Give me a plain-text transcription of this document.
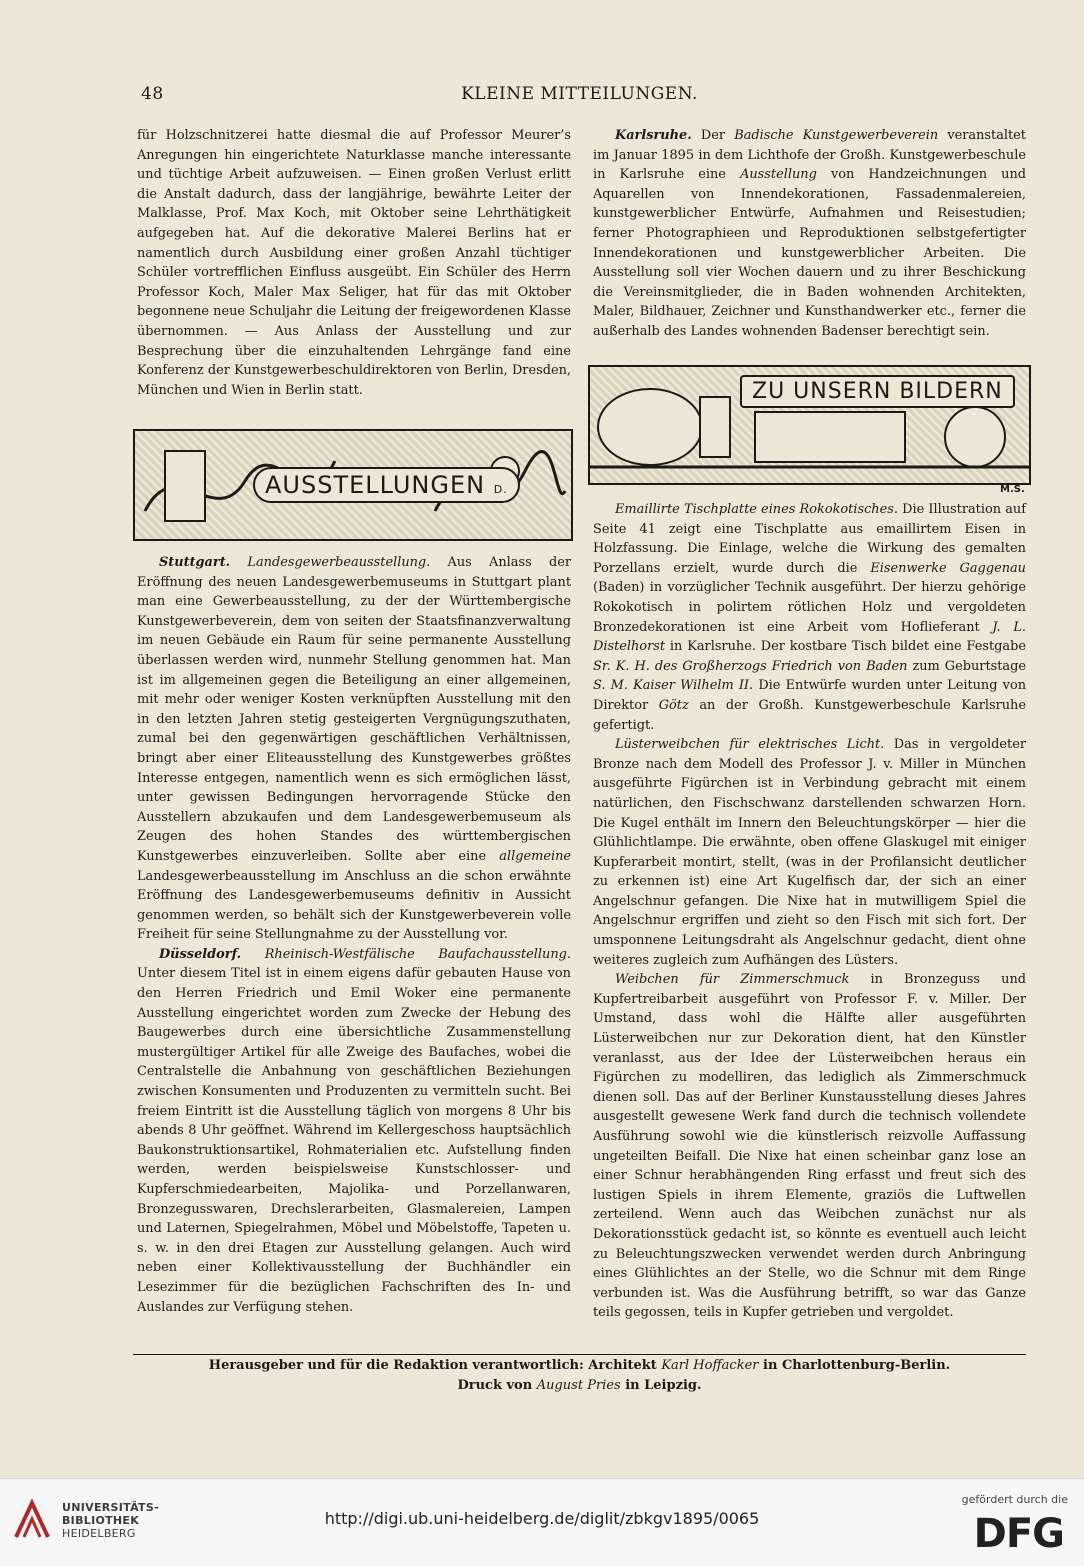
48	KLEINE MITTEILUNGEN.

für Holzschnitzerei hatte diesmal die auf Professor Meurer’s Anregungen hin eingerichtete Naturklasse manche interessante und tüchtige Arbeit aufzuweisen. — Einen großen Verlust erlitt die Anstalt dadurch, dass der langjährige, bewährte Leiter der Malklasse, Prof. Max Koch, mit Oktober seine Lehrthätigkeit aufgegeben hat. Auf die dekorative Malerei Berlins hat er namentlich durch Ausbildung einer großen Anzahl tüchtiger Schüler vortrefflichen Einfluss ausgeübt. Ein Schüler des Herrn Professor Koch, Maler Max Seliger, hat für das mit Oktober begonnene neue Schuljahr die Leitung der freigewordenen Klasse übernommen. — Aus Anlass der Ausstellung und zur Besprechung über die einzuhaltenden Lehrgänge fand eine Konferenz der Kunstgewerbeschuldirektoren von Berlin, Dresden, München und Wien in Berlin statt.

AUSSTELLUNGEN D.

Stuttgart. Landesgewerbeausstellung. Aus Anlass der Eröffnung des neuen Landesgewerbemuseums in Stuttgart plant man eine Gewerbeausstellung, zu der der Württembergische Kunstgewerbeverein, dem von seiten der Staatsfinanzverwaltung im neuen Gebäude ein Raum für seine permanente Ausstellung überlassen werden wird, nunmehr Stellung genommen hat. Man ist im allgemeinen gegen die Beteiligung an einer allgemeinen, mit mehr oder weniger Kosten verknüpften Ausstellung mit den in den letzten Jahren stetig gesteigerten Vergnügungszuthaten, zumal bei den gegenwärtigen geschäftlichen Verhältnissen, bringt aber einer Eliteausstellung des Kunstgewerbes größtes Interesse entgegen, namentlich wenn es sich ermöglichen lässt, unter gewissen Bedingungen hervorragende Stücke den Ausstellern abzukaufen und dem Landesgewerbemuseum als Zeugen des hohen Standes des württembergischen Kunstgewerbes einzuverleiben. Sollte aber eine allgemeine Landesgewerbeausstellung im Anschluss an die schon erwähnte Eröffnung des Landesgewerbemuseums definitiv in Aussicht genommen werden, so behält sich der Kunstgewerbeverein volle Freiheit für seine Stellungnahme zu der Ausstellung vor.

Düsseldorf. Rheinisch-Westfälische Baufachausstellung. Unter diesem Titel ist in einem eigens dafür gebauten Hause von den Herren Friedrich und Emil Woker eine permanente Ausstellung eingerichtet worden zum Zwecke der Hebung des Baugewerbes durch eine übersichtliche Zusammenstellung mustergültiger Artikel für alle Zweige des Baufaches, wobei die Centralstelle die Anbahnung von geschäftlichen Beziehungen zwischen Konsumenten und Produzenten zu vermitteln sucht. Bei freiem Eintritt ist die Ausstellung täglich von morgens 8 Uhr bis abends 8 Uhr geöffnet. Während im Kellergeschoss hauptsächlich Baukonstruktionsartikel, Rohmaterialien etc. Aufstellung finden werden, werden beispielsweise Kunstschlosser- und Kupferschmiedearbeiten, Majolika- und Porzellanwaren, Bronzegusswaren, Drechslerarbeiten, Glasmalereien, Lampen und Laternen, Spiegelrahmen, Möbel und Möbelstoffe, Tapeten u. s. w. in den drei Etagen zur Ausstellung gelangen. Auch wird neben einer Kollektivausstellung der Buchhändler ein Lesezimmer für die bezüglichen Fachschriften des In- und Auslandes zur Verfügung stehen.

Karlsruhe. Der Badische Kunstgewerbeverein veranstaltet im Januar 1895 in dem Lichthofe der Großh. Kunstgewerbeschule in Karlsruhe eine Ausstellung von Handzeichnungen und Aquarellen von Innendekorationen, Fassadenmalereien, kunstgewerblicher Entwürfe, Aufnahmen und Reisestudien; ferner Photographieen und Reproduktionen selbstgefertigter Innendekorationen und kunstgewerblicher Arbeiten. Die Ausstellung soll vier Wochen dauern und zu ihrer Beschickung die Vereinsmitglieder, die in Baden wohnenden Architekten, Maler, Bildhauer, Zeichner und Kunsthandwerker etc., ferner die außerhalb des Landes wohnenden Badenser berechtigt sein.

ZU UNSERN BILDERN
M.S.

Emaillirte Tischplatte eines Rokokotisches. Die Illustration auf Seite 41 zeigt eine Tischplatte aus emaillirtem Eisen in Holzfassung. Die Einlage, welche die Wirkung des gemalten Porzellans erzielt, wurde durch die Eisenwerke Gaggenau (Baden) in vorzüglicher Technik ausgeführt. Der hierzu gehörige Rokokotisch in polirtem rötlichen Holz und vergoldeten Bronzedekorationen ist eine Arbeit vom Hoflieferant J. L. Distelhorst in Karlsruhe. Der kostbare Tisch bildet eine Festgabe Sr. K. H. des Großherzogs Friedrich von Baden zum Geburtstage S. M. Kaiser Wilhelm II. Die Entwürfe wurden unter Leitung von Direktor Götz an der Großh. Kunstgewerbeschule Karlsruhe gefertigt.

Lüsterweibchen für elektrisches Licht. Das in vergoldeter Bronze nach dem Modell des Professor J. v. Miller in München ausgeführte Figürchen ist in Verbindung gebracht mit einem natürlichen, den Fischschwanz darstellenden schwarzen Horn. Die Kugel enthält im Innern den Beleuchtungskörper — hier die Glühlichtlampe. Die erwähnte, oben offene Glaskugel mit einiger Kupferarbeit montirt, stellt, (was in der Profilansicht deutlicher zu erkennen ist) eine Art Kugelfisch dar, der sich an einer Angelschnur gefangen. Die Nixe hat in mutwilligem Spiel die Angelschnur ergriffen und zieht so den Fisch mit sich fort. Der umsponnene Leitungsdraht als Angelschnur gedacht, dient ohne weiteres zugleich zum Aufhängen des Lüsters.

Weibchen für Zimmerschmuck in Bronzeguss und Kupfertreibarbeit ausgeführt von Professor F. v. Miller. Der Umstand, dass wohl die Hälfte aller ausgeführten Lüsterweibchen nur zur Dekoration dient, hat den Künstler veranlasst, aus der Idee der Lüsterweibchen heraus ein Figürchen zu modelliren, das lediglich als Zimmerschmuck dienen soll. Das auf der Berliner Kunstausstellung dieses Jahres ausgestellt gewesene Werk fand durch die technisch vollendete Ausführung sowohl wie die künstlerisch reizvolle Auffassung ungeteilten Beifall. Die Nixe hat einen scheinbar ganz lose an einer Schnur herabhängenden Ring erfasst und freut sich des lustigen Spiels in ihrem Elemente, graziös die Luftwellen zerteilend. Wenn auch das Weibchen zunächst nur als Dekorationsstück gedacht ist, so könnte es eventuell auch leicht zu Beleuchtungszwecken verwendet werden durch Anbringung eines Glühlichtes an der Stelle, wo die Schnur mit dem Ringe verbunden ist. Was die Ausführung betrifft, so war das Ganze teils gegossen, teils in Kupfer getrieben und vergoldet.

Herausgeber und für die Redaktion verantwortlich: Architekt Karl Hoffacker in Charlottenburg-Berlin.
Druck von August Pries in Leipzig.
UNIVERSITÄTS-
BIBLIOTHEK
HEIDELBERG
http://digi.ub.uni-heidelberg.de/diglit/zbkgv1895/0065
gefördert durch die
DFG
